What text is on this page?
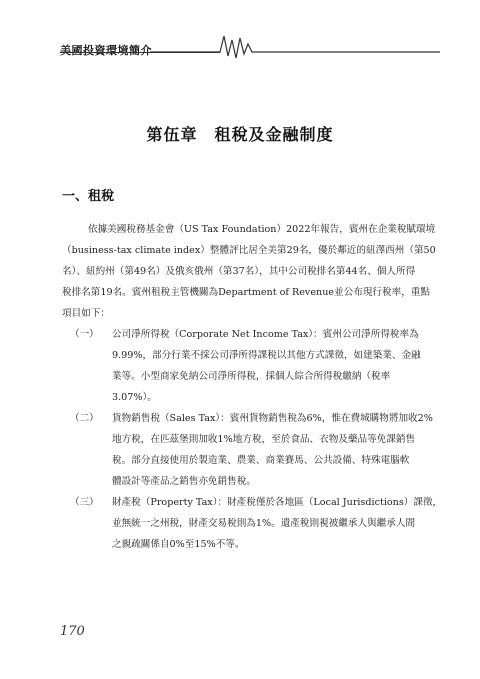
美國投資環境簡介
第伍章　租稅及金融制度
一、租稅
依據美國稅務基金會（US Tax Foundation）2022年報告，賓州在企業稅賦環境
（business-tax climate index）整體評比居全美第29名，優於鄰近的紐澤西州（第50
名）、紐約州（第49名）及俄亥俄州（第37名），其中公司稅排名第44名、個人所得
稅排名第19名。賓州租稅主管機關為Department of Revenue並公布現行稅率，重點
項目如下：
（一） 公司淨所得稅（Corporate Net Income Tax）：賓州公司淨所得稅率為
9.99%，部分行業不採公司淨所得課稅以其他方式課徵，如建築業、金融
業等。小型商家免納公司淨所得稅，採個人綜合所得稅繳納（稅率
3.07%）。
（二） 貨物銷售稅（Sales Tax）：賓州貨物銷售稅為6%，惟在費城購物將加收2%
地方稅，在匹茲堡則加收1%地方稅，至於食品、衣物及藥品等免課銷售
稅。部分直接使用於製造業、農業、商業賽馬、公共設備、特殊電腦軟
體設計等產品之銷售亦免銷售稅。
（三） 財產稅（Property Tax）：財產稅僅於各地區（Local Jurisdictions）課徵，
並無統一之州稅，財產交易稅則為1%。遺產稅則視被繼承人與繼承人間
之親疏關係自0%至15%不等。
170
